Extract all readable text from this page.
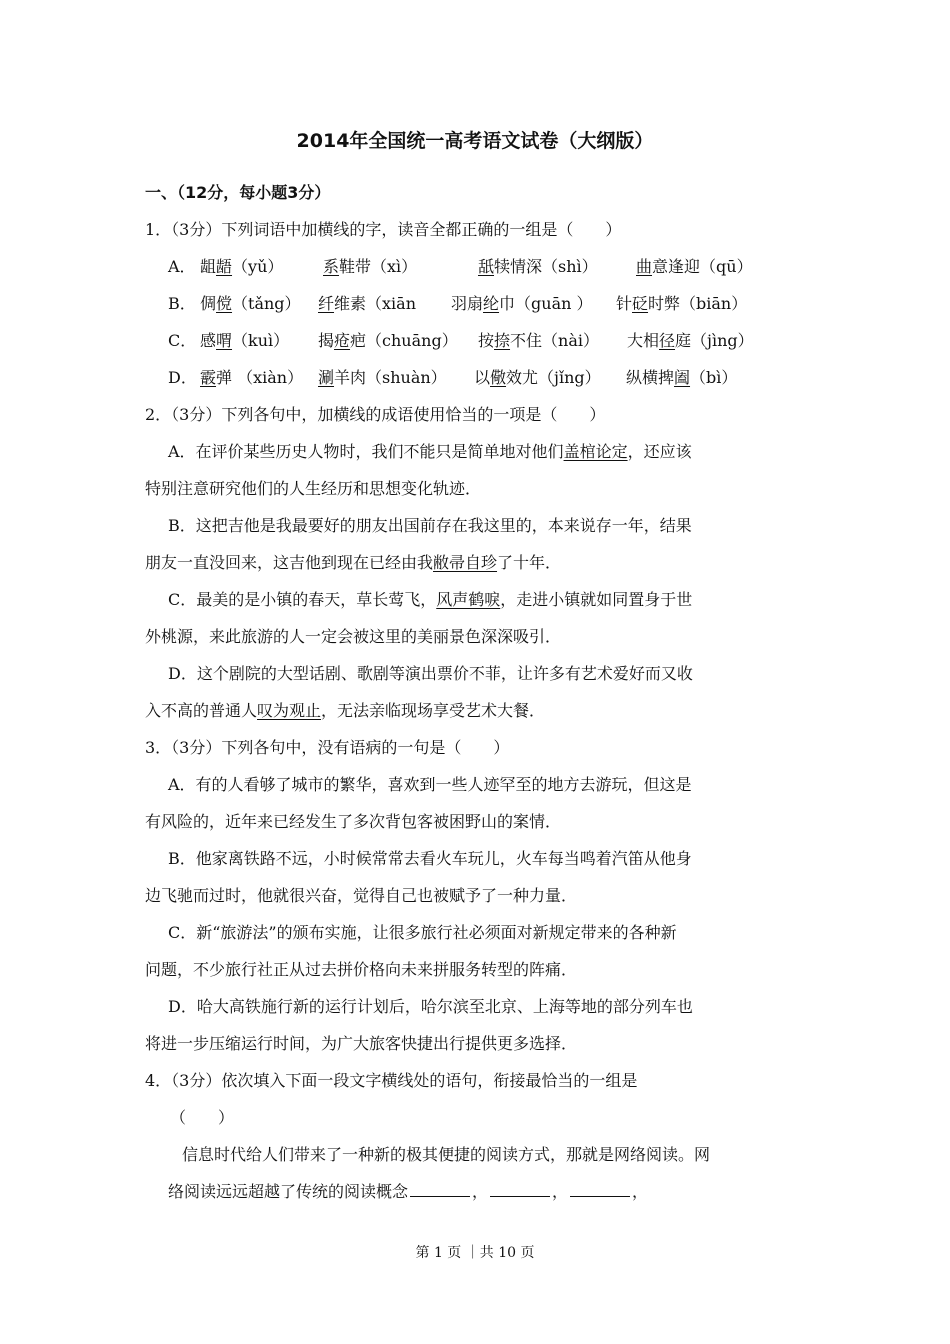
2014年全国统一高考语文试卷（大纲版）
一、（12分，每小题3分）
1．（3分）下列词语中加横线的字，读音全都正确的一组是（　　）
A． 龃龉（yǔ） 系鞋带（xì）	舐犊情深（shì） 曲意逢迎（qū）
B． 倜傥（tǎng） 纤维素（xiān 羽扇纶巾（guān ） 针砭时弊（biān）
C． 感喟（kuì） 揭疮疤（chuāng） 按捺不住（nài） 大相径庭（jìng）
D． 霰弹 （xiàn） 涮羊肉（shuàn） 以儆效尤（jǐng） 纵横捭阖（bì）
2．（3分）下列各句中，加横线的成语使用恰当的一项是（　　）
A．在评价某些历史人物时，我们不能只是简单地对他们盖棺论定，还应该
特别注意研究他们的人生经历和思想变化轨迹．
B．这把吉他是我最要好的朋友出国前存在我这里的，本来说存一年，结果
朋友一直没回来，这吉他到现在已经由我敝帚自珍了十年．
C．最美的是小镇的春天，草长莺飞，风声鹤唳，走进小镇就如同置身于世
外桃源，来此旅游的人一定会被这里的美丽景色深深吸引．
D．这个剧院的大型话剧、歌剧等演出票价不菲，让许多有艺术爱好而又收
入不高的普通人叹为观止，无法亲临现场享受艺术大餐．
3．（3分）下列各句中，没有语病的一句是（　　）
A．有的人看够了城市的繁华，喜欢到一些人迹罕至的地方去游玩，但这是
有风险的，近年来已经发生了多次背包客被困野山的案情．
B．他家离铁路不远，小时候常常去看火车玩儿，火车每当鸣着汽笛从他身
边飞驰而过时，他就很兴奋，觉得自己也被赋予了一种力量．
C．新“旅游法”的颁布实施，让很多旅行社必须面对新规定带来的各种新
问题，不少旅行社正从过去拼价格向未来拼服务转型的阵痛．
D．哈大高铁施行新的运行计划后，哈尔滨至北京、上海等地的部分列车也
将进一步压缩运行时间，为广大旅客快捷出行提供更多选择．
4．（3分）依次填入下面一段文字横线处的语句，衔接最恰当的一组是
（　　）
信息时代给人们带来了一种新的极其便捷的阅读方式，那就是网络阅读。网
络阅读远远超越了传统的阅读概念	，	，	，
第 1 页 ｜共 10 页
